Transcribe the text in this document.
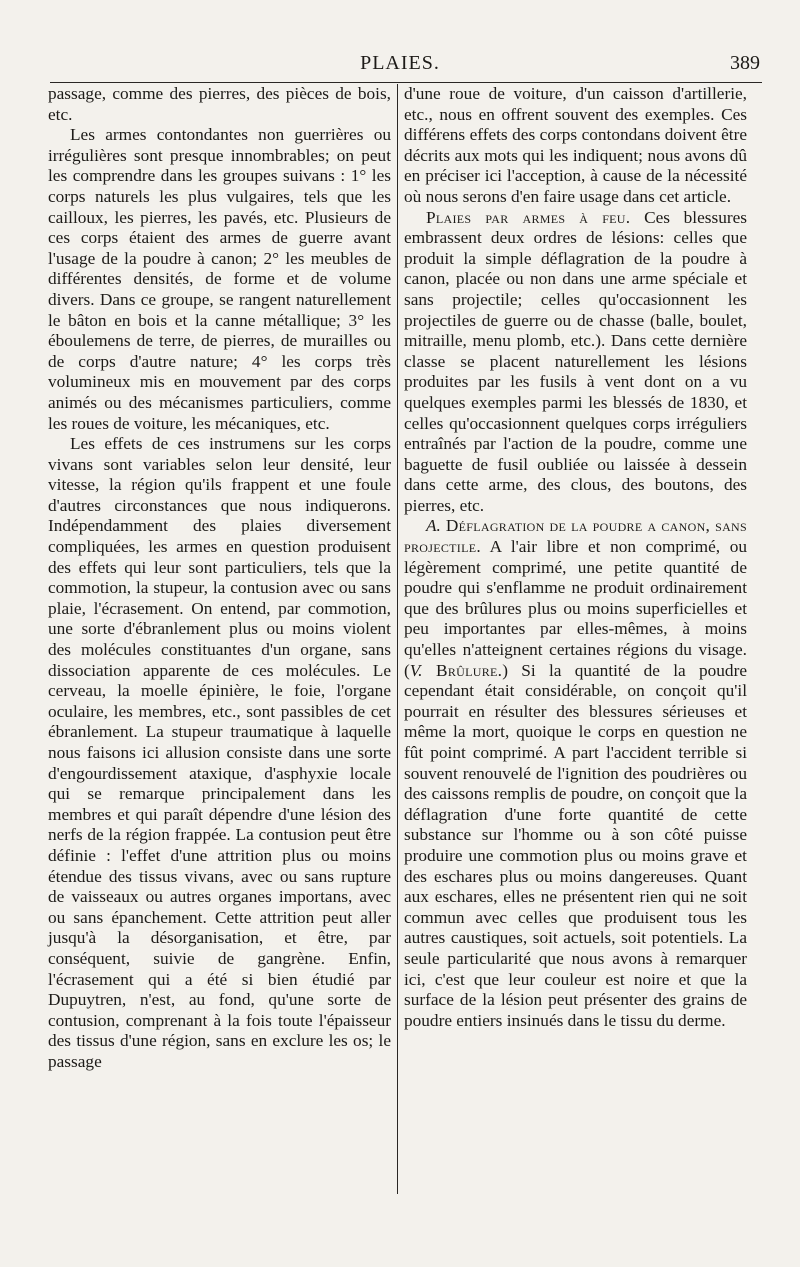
PLAIES.	389

passage, comme des pierres, des pièces de bois, etc.

Les armes contondantes non guerrières ou irrégulières sont presque innombrables; on peut les comprendre dans les groupes suivans : 1° les corps naturels les plus vulgaires, tels que les cailloux, les pierres, les pavés, etc. Plusieurs de ces corps étaient des armes de guerre avant l'usage de la poudre à canon; 2° les meubles de différentes densités, de forme et de volume divers. Dans ce groupe, se rangent naturellement le bâton en bois et la canne métallique; 3° les éboulemens de terre, de pierres, de murailles ou de corps d'autre nature; 4° les corps très volumineux mis en mouvement par des corps animés ou des mécanismes particuliers, comme les roues de voiture, les mécaniques, etc.

Les effets de ces instrumens sur les corps vivans sont variables selon leur densité, leur vitesse, la région qu'ils frappent et une foule d'autres circonstances que nous indiquerons. Indépendamment des plaies diversement compliquées, les armes en question produisent des effets qui leur sont particuliers, tels que la commotion, la stupeur, la contusion avec ou sans plaie, l'écrasement. On entend, par commotion, une sorte d'ébranlement plus ou moins violent des molécules constituantes d'un organe, sans dissociation apparente de ces molécules. Le cerveau, la moelle épinière, le foie, l'organe oculaire, les membres, etc., sont passibles de cet ébranlement. La stupeur traumatique à laquelle nous faisons ici allusion consiste dans une sorte d'engourdissement ataxique, d'asphyxie locale qui se remarque principalement dans les membres et qui paraît dépendre d'une lésion des nerfs de la région frappée. La contusion peut être définie : l'effet d'une attrition plus ou moins étendue des tissus vivans, avec ou sans rupture de vaisseaux ou autres organes importans, avec ou sans épanchement. Cette attrition peut aller jusqu'à la désorganisation, et être, par conséquent, suivie de gangrène. Enfin, l'écrasement qui a été si bien étudié par Dupuytren, n'est, au fond, qu'une sorte de contusion, comprenant à la fois toute l'épaisseur des tissus d'une région, sans en exclure les os; le passage

d'une roue de voiture, d'un caisson d'artillerie, etc., nous en offrent souvent des exemples. Ces différens effets des corps contondans doivent être décrits aux mots qui les indiquent; nous avons dû en préciser ici l'acception, à cause de la nécessité où nous serons d'en faire usage dans cet article.

Plaies par armes à feu. Ces blessures embrassent deux ordres de lésions: celles que produit la simple déflagration de la poudre à canon, placée ou non dans une arme spéciale et sans projectile; celles qu'occasionnent les projectiles de guerre ou de chasse (balle, boulet, mitraille, menu plomb, etc.). Dans cette dernière classe se placent naturellement les lésions produites par les fusils à vent dont on a vu quelques exemples parmi les blessés de 1830, et celles qu'occasionnent quelques corps irréguliers entraînés par l'action de la poudre, comme une baguette de fusil oubliée ou laissée à dessein dans cette arme, des clous, des boutons, des pierres, etc.

A. Déflagration de la poudre a canon, sans projectile. A l'air libre et non comprimé, ou légèrement comprimé, une petite quantité de poudre qui s'enflamme ne produit ordinairement que des brûlures plus ou moins superficielles et peu importantes par elles-mêmes, à moins qu'elles n'atteignent certaines régions du visage. (V. Brûlure.) Si la quantité de la poudre cependant était considérable, on conçoit qu'il pourrait en résulter des blessures sérieuses et même la mort, quoique le corps en question ne fût point comprimé. A part l'accident terrible si souvent renouvelé de l'ignition des poudrières ou des caissons remplis de poudre, on conçoit que la déflagration d'une forte quantité de cette substance sur l'homme ou à son côté puisse produire une commotion plus ou moins grave et des eschares plus ou moins dangereuses. Quant aux eschares, elles ne présentent rien qui ne soit commun avec celles que produisent tous les autres caustiques, soit actuels, soit potentiels. La seule particularité que nous avons à remarquer ici, c'est que leur couleur est noire et que la surface de la lésion peut présenter des grains de poudre entiers insinués dans le tissu du derme.
